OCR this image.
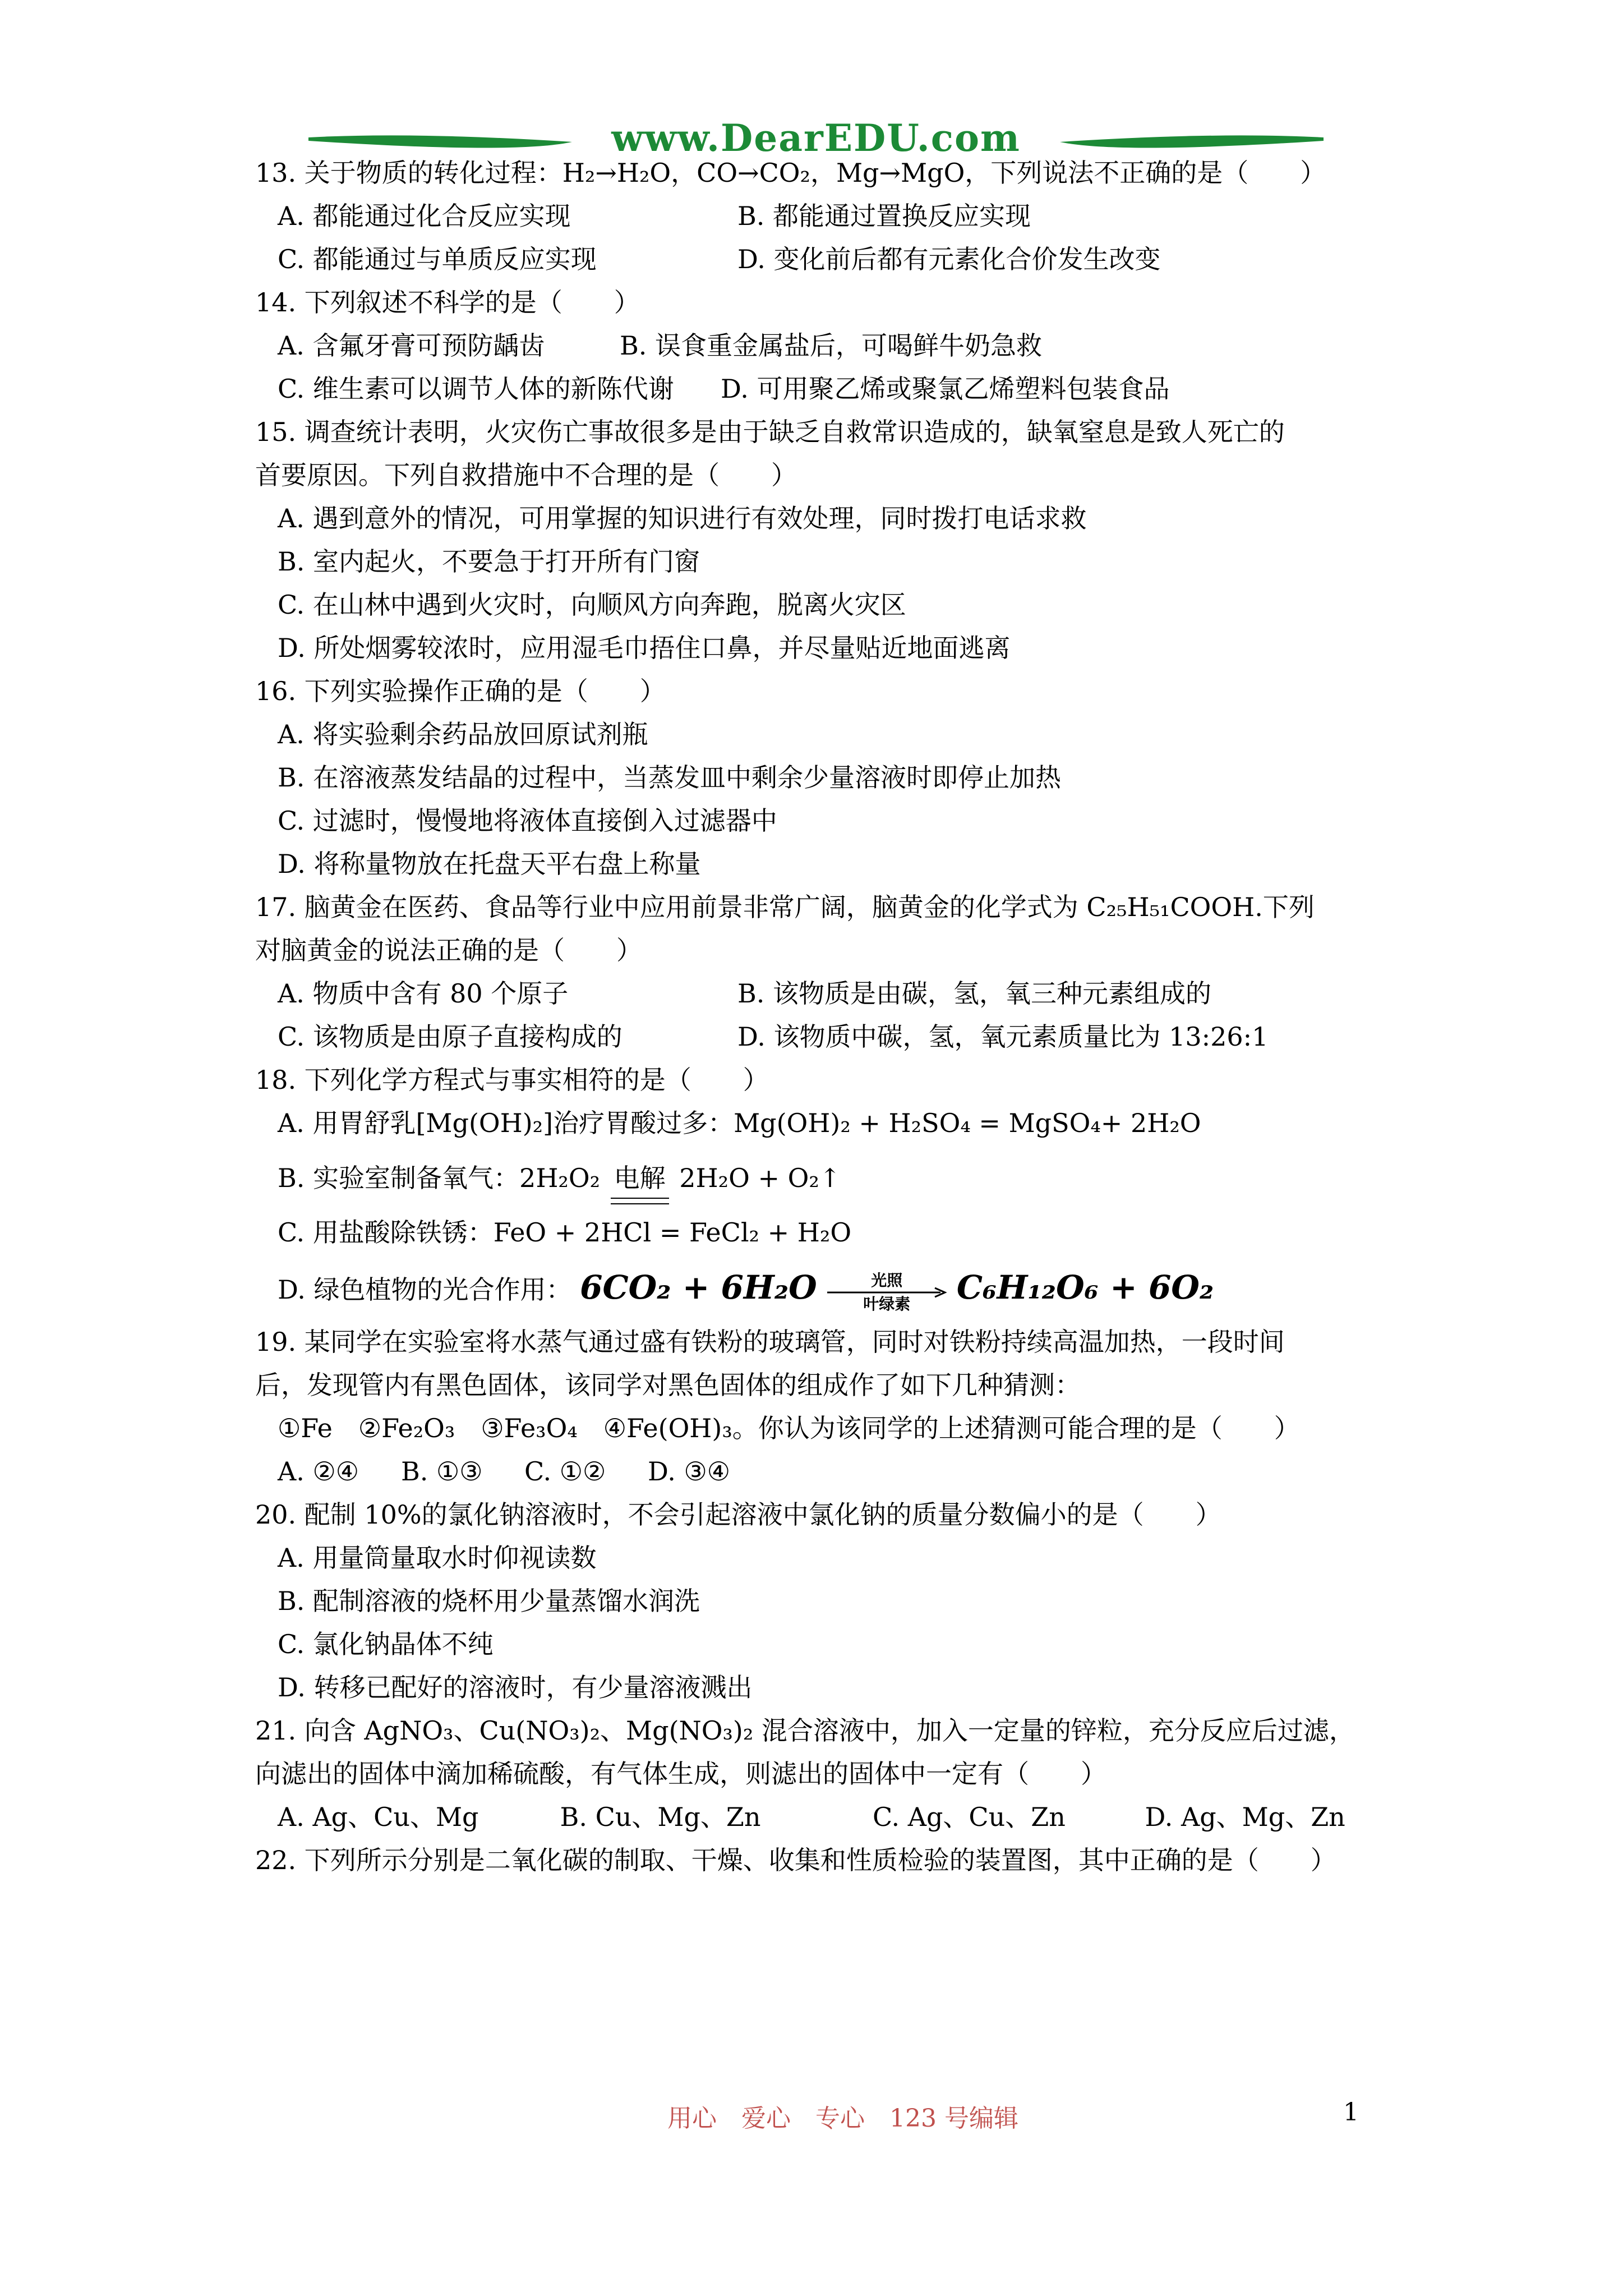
www.DearEDU.com
13. 关于物质的转化过程：H₂→H₂O，CO→CO₂，Mg→MgO，下列说法不正确的是（　　）
A. 都能通过化合反应实现	B. 都能通过置换反应实现
C. 都能通过与单质反应实现	D. 变化前后都有元素化合价发生改变
14. 下列叙述不科学的是（　　）
A. 含氟牙膏可预防龋齿	B. 误食重金属盐后，可喝鲜牛奶急救
C. 维生素可以调节人体的新陈代谢	D. 可用聚乙烯或聚氯乙烯塑料包装食品
15. 调查统计表明，火灾伤亡事故很多是由于缺乏自救常识造成的，缺氧窒息是致人死亡的
首要原因。下列自救措施中不合理的是（　　）
A. 遇到意外的情况，可用掌握的知识进行有效处理，同时拨打电话求救
B. 室内起火，不要急于打开所有门窗
C. 在山林中遇到火灾时，向顺风方向奔跑，脱离火灾区
D. 所处烟雾较浓时，应用湿毛巾捂住口鼻，并尽量贴近地面逃离
16. 下列实验操作正确的是（　　）
A. 将实验剩余药品放回原试剂瓶
B. 在溶液蒸发结晶的过程中，当蒸发皿中剩余少量溶液时即停止加热
C. 过滤时，慢慢地将液体直接倒入过滤器中
D. 将称量物放在托盘天平右盘上称量
17. 脑黄金在医药、食品等行业中应用前景非常广阔，脑黄金的化学式为 C₂₅H₅₁COOH.下列
对脑黄金的说法正确的是（　　）
A. 物质中含有 80 个原子	B. 该物质是由碳，氢，氧三种元素组成的
C. 该物质是由原子直接构成的	D. 该物质中碳，氢，氧元素质量比为 13:26:1
18. 下列化学方程式与事实相符的是（　　）
A. 用胃舒乳[Mg(OH)₂]治疗胃酸过多：Mg(OH)₂ + H₂SO₄ = MgSO₄+ 2H₂O
B. 实验室制备氧气：2H₂O₂ 电解 2H₂O + O₂↑
C. 用盐酸除铁锈：FeO + 2HCl = FeCl₂ + H₂O
D. 绿色植物的光合作用： 6CO₂ + 6H₂O	光照
叶绿素	C₆H₁₂O₆ + 6O₂
19. 某同学在实验室将水蒸气通过盛有铁粉的玻璃管，同时对铁粉持续高温加热，一段时间
后，发现管内有黑色固体，该同学对黑色固体的组成作了如下几种猜测：
①Fe　②Fe₂O₃　③Fe₃O₄　④Fe(OH)₃。你认为该同学的上述猜测可能合理的是（　　）
A. ②④	B. ①③	C. ①②	D. ③④
20. 配制 10%的氯化钠溶液时，不会引起溶液中氯化钠的质量分数偏小的是（　　）
A. 用量筒量取水时仰视读数
B. 配制溶液的烧杯用少量蒸馏水润洗
C. 氯化钠晶体不纯
D. 转移已配好的溶液时，有少量溶液溅出
21. 向含 AgNO₃、Cu(NO₃)₂、Mg(NO₃)₂ 混合溶液中，加入一定量的锌粒，充分反应后过滤，
向滤出的固体中滴加稀硫酸，有气体生成，则滤出的固体中一定有（　　）
A. Ag、Cu、Mg	B. Cu、Mg、Zn	C. Ag、Cu、Zn	D. Ag、Mg、Zn
22. 下列所示分别是二氧化碳的制取、干燥、收集和性质检验的装置图，其中正确的是（　　）
用心　爱心　专心　123 号编辑	1
